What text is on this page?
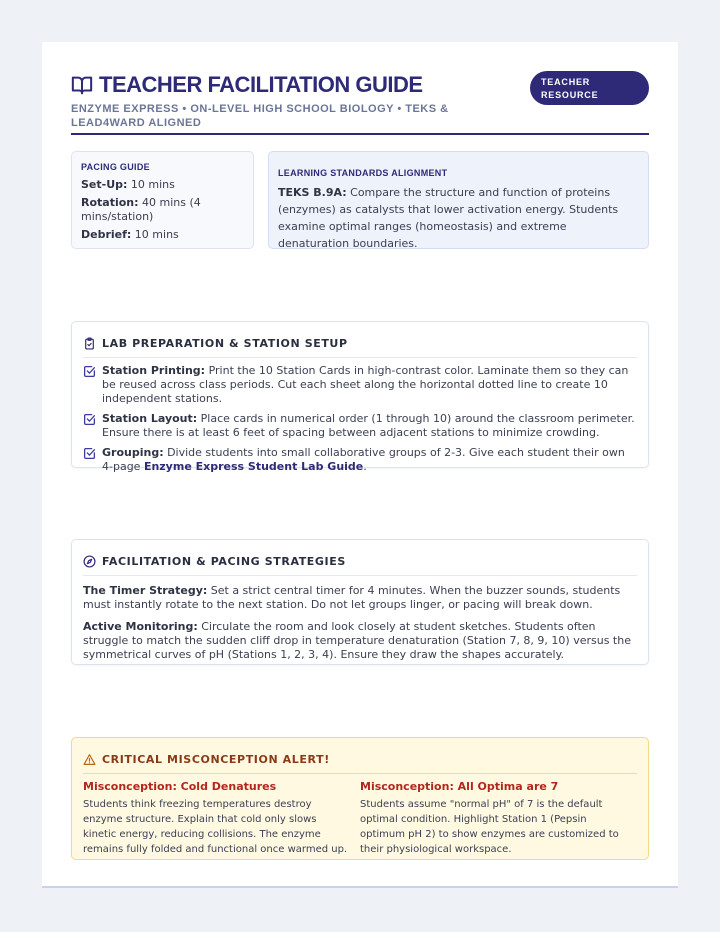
TEACHER FACILITATION GUIDE
ENZYME EXPRESS • ON-LEVEL HIGH SCHOOL BIOLOGY • TEKS & LEAD4WARD ALIGNED
TEACHER
RESOURCE
PACING GUIDE
Set-Up: 10 mins
Rotation: 40 mins (4 mins/station)
Debrief: 10 mins
LEARNING STANDARDS ALIGNMENT
TEKS B.9A: Compare the structure and function of proteins (enzymes) as catalysts that lower activation energy. Students examine optimal ranges (homeostasis) and extreme denaturation boundaries.
LAB PREPARATION & STATION SETUP
Station Printing: Print the 10 Station Cards in high-contrast color. Laminate them so they can be reused across class periods. Cut each sheet along the horizontal dotted line to create 10 independent stations.
Station Layout: Place cards in numerical order (1 through 10) around the classroom perimeter. Ensure there is at least 6 feet of spacing between adjacent stations to minimize crowding.
Grouping: Divide students into small collaborative groups of 2-3. Give each student their own 4-page Enzyme Express Student Lab Guide.
FACILITATION & PACING STRATEGIES
The Timer Strategy: Set a strict central timer for 4 minutes. When the buzzer sounds, students must instantly rotate to the next station. Do not let groups linger, or pacing will break down.
Active Monitoring: Circulate the room and look closely at student sketches. Students often struggle to match the sudden cliff drop in temperature denaturation (Station 7, 8, 9, 10) versus the symmetrical curves of pH (Stations 1, 2, 3, 4). Ensure they draw the shapes accurately.
CRITICAL MISCONCEPTION ALERT!
Misconception: Cold Denatures
Students think freezing temperatures destroy enzyme structure. Explain that cold only slows kinetic energy, reducing collisions. The enzyme remains fully folded and functional once warmed up.
Misconception: All Optima are 7
Students assume "normal pH" of 7 is the default optimal condition. Highlight Station 1 (Pepsin optimum pH 2) to show enzymes are customized to their physiological workspace.
